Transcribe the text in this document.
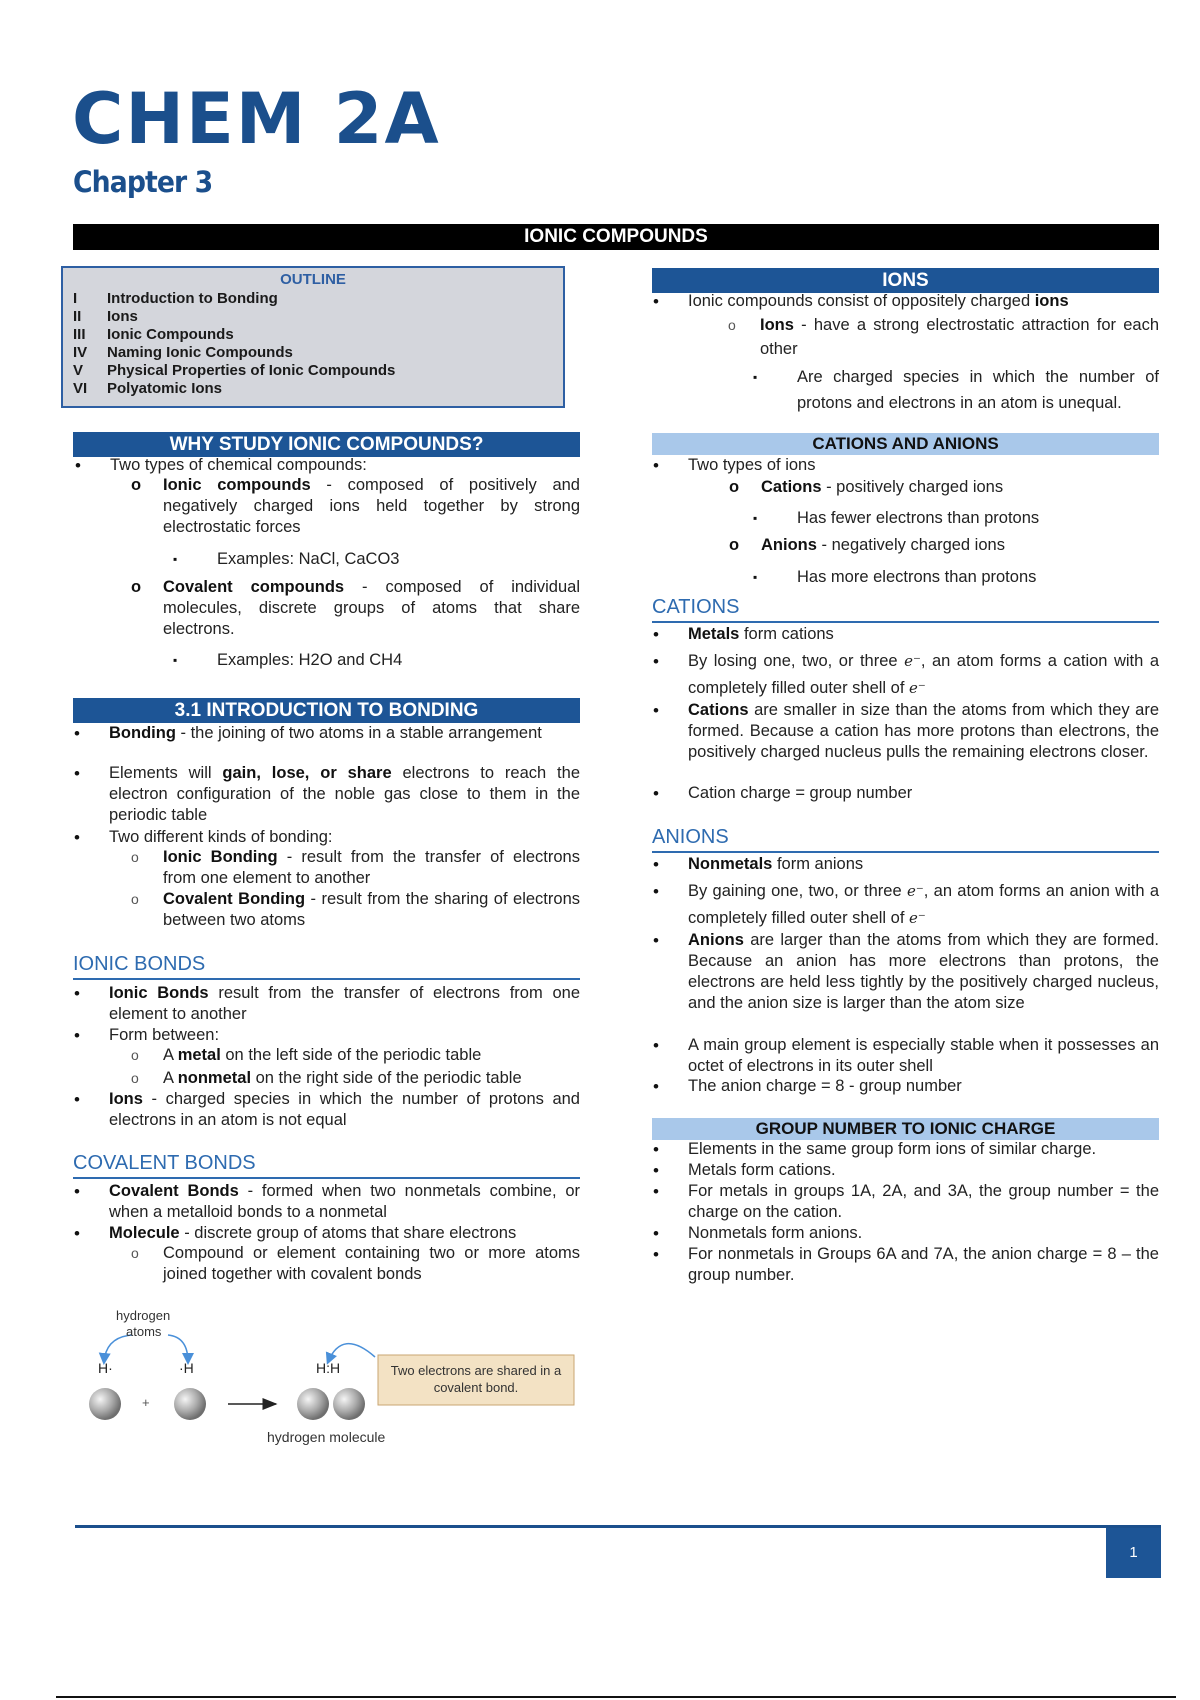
CHEM 2A
Chapter 3
IONIC COMPOUNDS
OUTLINE
I Introduction to Bonding
II Ions
III Ionic Compounds
IV Naming Ionic Compounds
V Physical Properties of Ionic Compounds
VI Polyatomic Ions
WHY STUDY IONIC COMPOUNDS?
• Two types of chemical compounds:
o Ionic compounds - composed of positively and negatively charged ions held together by strong electrostatic forces
▪ Examples: NaCl, CaCO3
o Covalent compounds - composed of individual molecules, discrete groups of atoms that share electrons.
▪ Examples: H2O and CH4
3.1 INTRODUCTION TO BONDING
• Bonding - the joining of two atoms in a stable arrangement
• Elements will gain, lose, or share electrons to reach the electron configuration of the noble gas close to them in the periodic table
• Two different kinds of bonding:
o Ionic Bonding - result from the transfer of electrons from one element to another
o Covalent Bonding - result from the sharing of electrons between two atoms
IONIC BONDS
• Ionic Bonds result from the transfer of electrons from one element to another
• Form between:
o A metal on the left side of the periodic table
o A nonmetal on the right side of the periodic table
• Ions - charged species in which the number of protons and electrons in an atom is not equal
COVALENT BONDS
• Covalent Bonds - formed when two nonmetals combine, or when a metalloid bonds to a nonmetal
• Molecule - discrete group of atoms that share electrons
o Compound or element containing two or more atoms joined together with covalent bonds
hydrogen
atoms
H·	·H
+
H:H	Two electrons are shared in a covalent bond.
hydrogen molecule
IONS
• Ionic compounds consist of oppositely charged ions
o Ions - have a strong electrostatic attraction for each other
▪ Are charged species in which the number of protons and electrons in an atom is unequal.
CATIONS AND ANIONS
• Two types of ions
o Cations - positively charged ions
▪ Has fewer electrons than protons
o Anions - negatively charged ions
▪ Has more electrons than protons
CATIONS
• Metals form cations
• By losing one, two, or three e⁻, an atom forms a cation with a completely filled outer shell of e⁻
• Cations are smaller in size than the atoms from which they are formed. Because a cation has more protons than electrons, the positively charged nucleus pulls the remaining electrons closer.
• Cation charge = group number
ANIONS
• Nonmetals form anions
• By gaining one, two, or three e⁻, an atom forms an anion with a completely filled outer shell of e⁻
• Anions are larger than the atoms from which they are formed. Because an anion has more electrons than protons, the electrons are held less tightly by the positively charged nucleus, and the anion size is larger than the atom size
• A main group element is especially stable when it possesses an octet of electrons in its outer shell
• The anion charge = 8 - group number
GROUP NUMBER TO IONIC CHARGE
• Elements in the same group form ions of similar charge.
• Metals form cations.
• For metals in groups 1A, 2A, and 3A, the group number = the charge on the cation.
• Nonmetals form anions.
• For nonmetals in Groups 6A and 7A, the anion charge = 8 – the group number.
1
